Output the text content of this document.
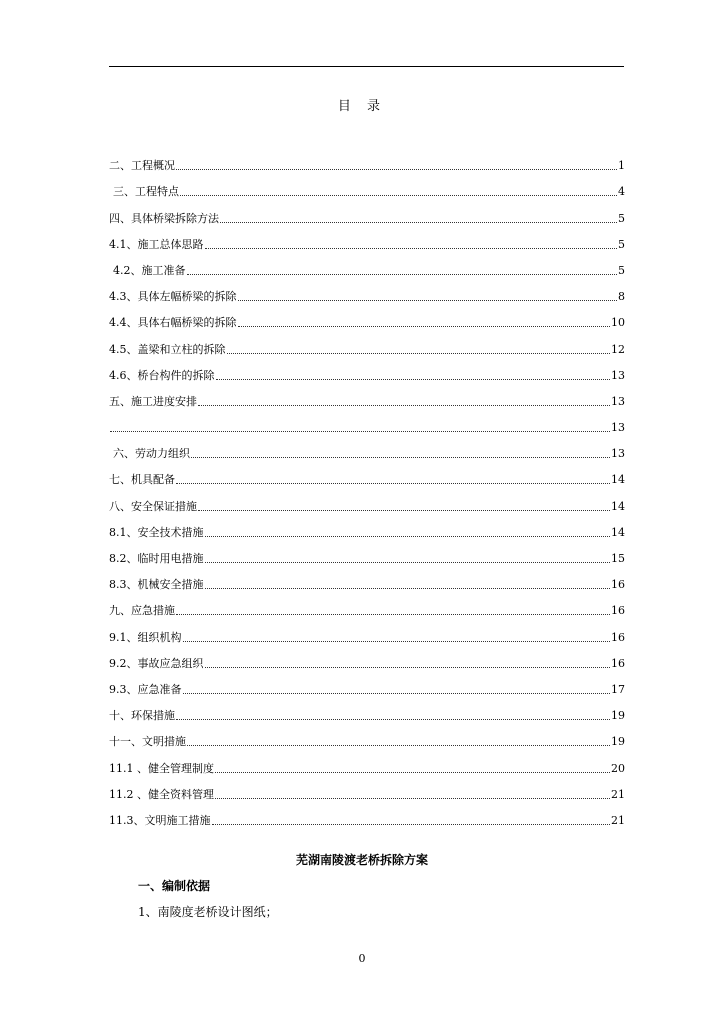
目 录
二、工程概况	1
三、工程特点	4
四、具体桥梁拆除方法	5
4.1、施工总体思路	5
4.2、施工准备	5
4.3、具体左幅桥梁的拆除	8
4.4、具体右幅桥梁的拆除	10
4.5、盖梁和立柱的拆除	12
4.6、桥台构件的拆除	13
五、施工进度安排	13
13
六、劳动力组织	13
七、机具配备	14
八、安全保证措施	14
8.1、安全技术措施	14
8.2、临时用电措施	15
8.3、机械安全措施	16
九、应急措施	16
9.1、组织机构	16
9.2、事故应急组织	16
9.3、应急准备	17
十、环保措施	19
十一、文明措施	19
11.1 、健全管理制度	20
11.2 、健全资料管理	21
11.3、文明施工措施	21
芜湖南陵渡老桥拆除方案
一、编制依据
1、南陵度老桥设计图纸；
0
